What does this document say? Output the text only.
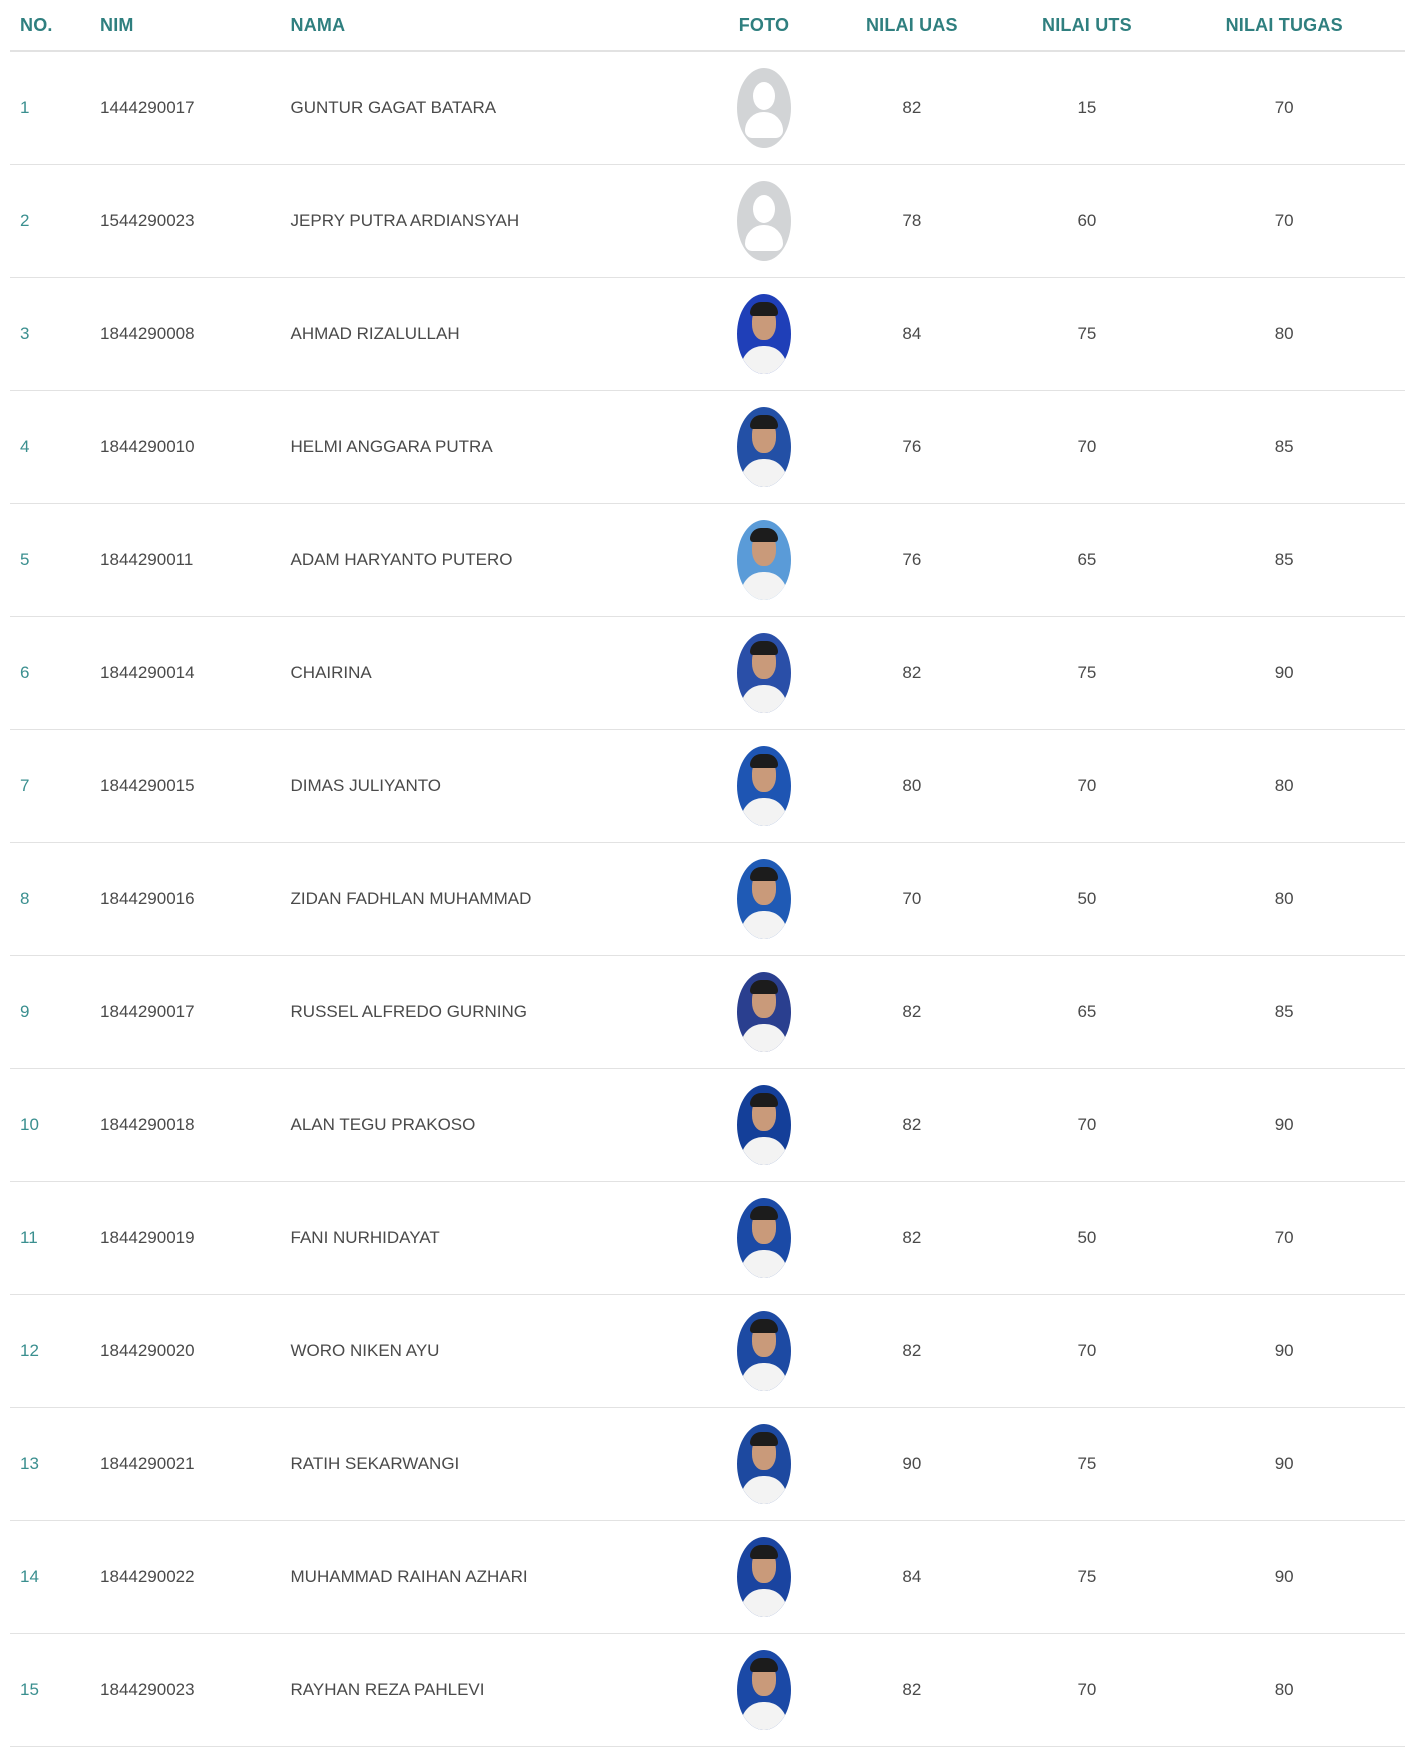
NO.	NIM	NAMA	FOTO	NILAI UAS	NILAI UTS	NILAI TUGAS
1	1444290017	GUNTUR GAGAT BATARA	82	15	70
2	1544290023	JEPRY PUTRA ARDIANSYAH	78	60	70
3	1844290008	AHMAD RIZALULLAH	84	75	80
4	1844290010	HELMI ANGGARA PUTRA	76	70	85
5	1844290011	ADAM HARYANTO PUTERO	76	65	85
6	1844290014	CHAIRINA	82	75	90
7	1844290015	DIMAS JULIYANTO	80	70	80
8	1844290016	ZIDAN FADHLAN MUHAMMAD	70	50	80
9	1844290017	RUSSEL ALFREDO GURNING	82	65	85
10	1844290018	ALAN TEGU PRAKOSO	82	70	90
11	1844290019	FANI NURHIDAYAT	82	50	70
12	1844290020	WORO NIKEN AYU	82	70	90
13	1844290021	RATIH SEKARWANGI	90	75	90
14	1844290022	MUHAMMAD RAIHAN AZHARI	84	75	90
15	1844290023	RAYHAN REZA PAHLEVI	82	70	80
